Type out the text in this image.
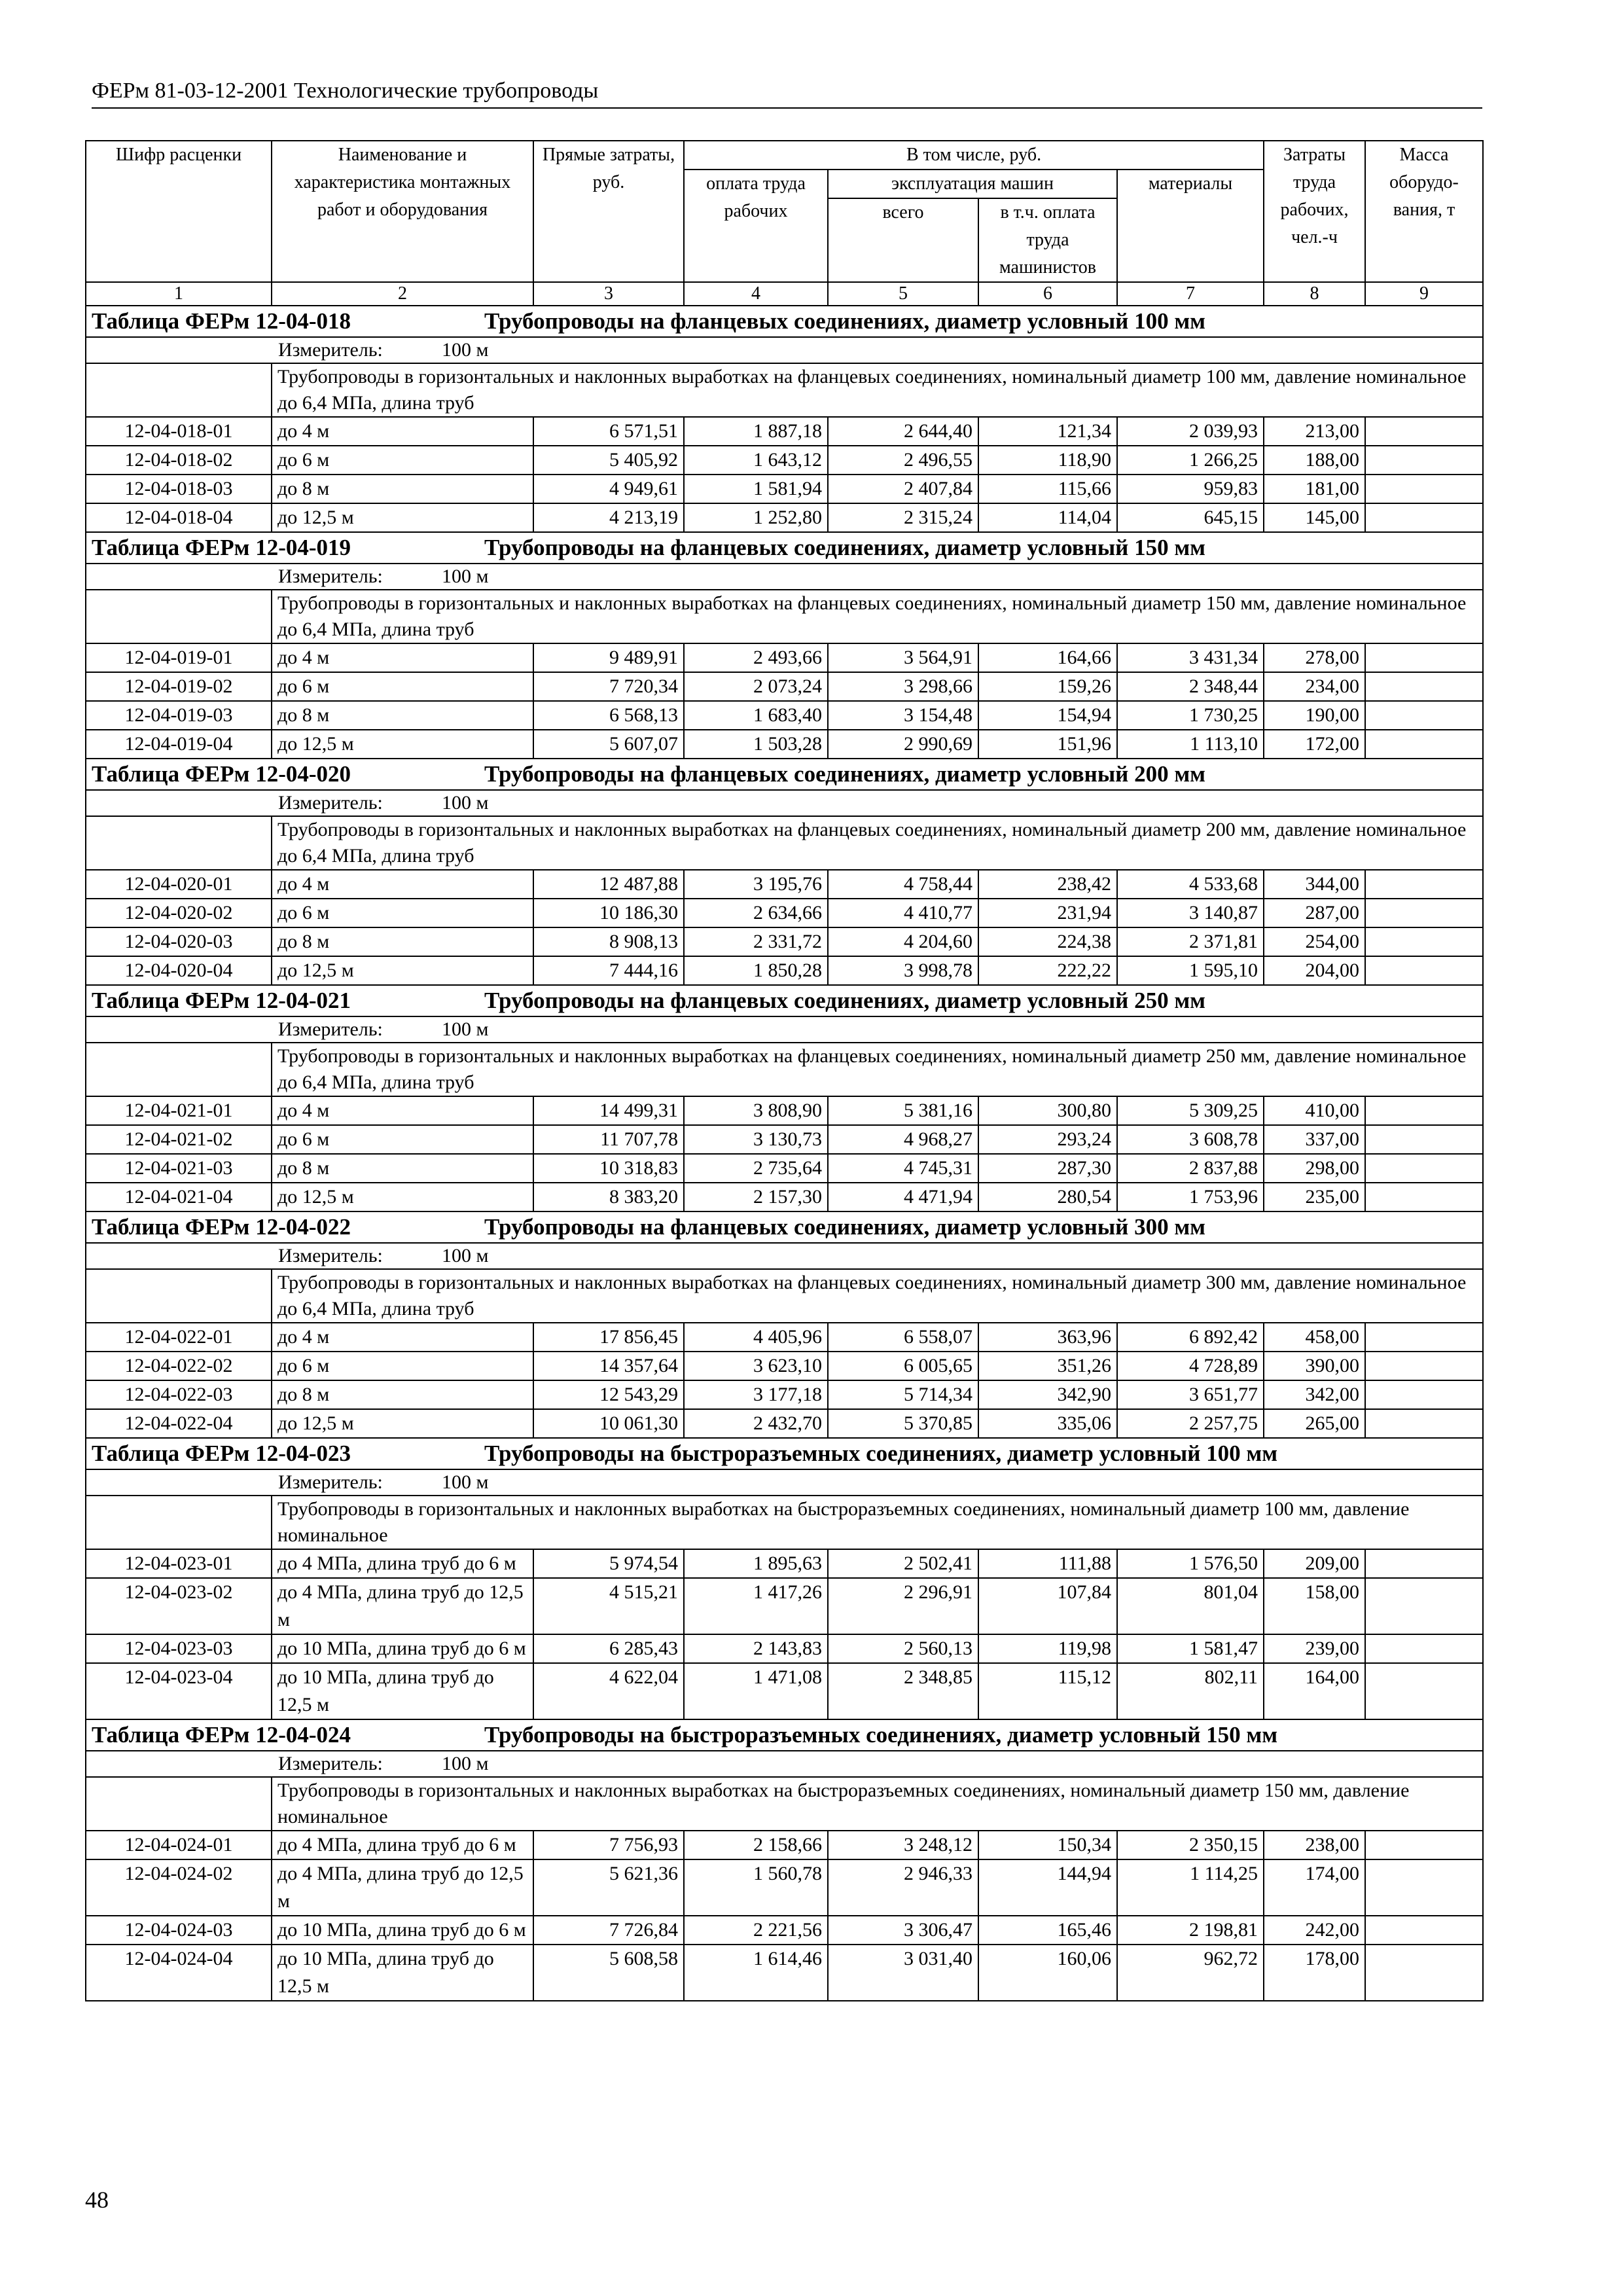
ФЕРм 81-03-12-2001 Технологические трубопроводы
Шифр расценки	Наименование и характеристика монтажных работ и оборудования	Прямые затраты, руб.	В том числе, руб.				Затраты труда рабочих, чел.-ч	Масса оборудо-вания, т
			оплата труда рабочих	эксплуатация машин		материалы		
				всего	в т.ч. оплата труда машинистов			
1	2	3	4	5	6	7	8	9
Таблица ФЕРм 12-04-018 Трубопроводы на фланцевых соединениях, диаметр условный 100 мм								
Измеритель: 100 м								
	Трубопроводы в горизонтальных и наклонных выработках на фланцевых соединениях, номинальный диаметр 100 мм, давление номинальное до 6,4 МПа, длина труб							
12-04-018-01	до 4 м	6 571,51	1 887,18	2 644,40	121,34	2 039,93	213,00	
12-04-018-02	до 6 м	5 405,92	1 643,12	2 496,55	118,90	1 266,25	188,00	
12-04-018-03	до 8 м	4 949,61	1 581,94	2 407,84	115,66	959,83	181,00	
12-04-018-04	до 12,5 м	4 213,19	1 252,80	2 315,24	114,04	645,15	145,00	
Таблица ФЕРм 12-04-019 Трубопроводы на фланцевых соединениях, диаметр условный 150 мм								
Измеритель: 100 м								
	Трубопроводы в горизонтальных и наклонных выработках на фланцевых соединениях, номинальный диаметр 150 мм, давление номинальное до 6,4 МПа, длина труб							
12-04-019-01	до 4 м	9 489,91	2 493,66	3 564,91	164,66	3 431,34	278,00	
12-04-019-02	до 6 м	7 720,34	2 073,24	3 298,66	159,26	2 348,44	234,00	
12-04-019-03	до 8 м	6 568,13	1 683,40	3 154,48	154,94	1 730,25	190,00	
12-04-019-04	до 12,5 м	5 607,07	1 503,28	2 990,69	151,96	1 113,10	172,00	
Таблица ФЕРм 12-04-020 Трубопроводы на фланцевых соединениях, диаметр условный 200 мм								
Измеритель: 100 м								
	Трубопроводы в горизонтальных и наклонных выработках на фланцевых соединениях, номинальный диаметр 200 мм, давление номинальное до 6,4 МПа, длина труб							
12-04-020-01	до 4 м	12 487,88	3 195,76	4 758,44	238,42	4 533,68	344,00	
12-04-020-02	до 6 м	10 186,30	2 634,66	4 410,77	231,94	3 140,87	287,00	
12-04-020-03	до 8 м	8 908,13	2 331,72	4 204,60	224,38	2 371,81	254,00	
12-04-020-04	до 12,5 м	7 444,16	1 850,28	3 998,78	222,22	1 595,10	204,00	
Таблица ФЕРм 12-04-021 Трубопроводы на фланцевых соединениях, диаметр условный 250 мм								
Измеритель: 100 м								
	Трубопроводы в горизонтальных и наклонных выработках на фланцевых соединениях, номинальный диаметр 250 мм, давление номинальное до 6,4 МПа, длина труб							
12-04-021-01	до 4 м	14 499,31	3 808,90	5 381,16	300,80	5 309,25	410,00	
12-04-021-02	до 6 м	11 707,78	3 130,73	4 968,27	293,24	3 608,78	337,00	
12-04-021-03	до 8 м	10 318,83	2 735,64	4 745,31	287,30	2 837,88	298,00	
12-04-021-04	до 12,5 м	8 383,20	2 157,30	4 471,94	280,54	1 753,96	235,00	
Таблица ФЕРм 12-04-022 Трубопроводы на фланцевых соединениях, диаметр условный 300 мм								
Измеритель: 100 м								
	Трубопроводы в горизонтальных и наклонных выработках на фланцевых соединениях, номинальный диаметр 300 мм, давление номинальное до 6,4 МПа, длина труб							
12-04-022-01	до 4 м	17 856,45	4 405,96	6 558,07	363,96	6 892,42	458,00	
12-04-022-02	до 6 м	14 357,64	3 623,10	6 005,65	351,26	4 728,89	390,00	
12-04-022-03	до 8 м	12 543,29	3 177,18	5 714,34	342,90	3 651,77	342,00	
12-04-022-04	до 12,5 м	10 061,30	2 432,70	5 370,85	335,06	2 257,75	265,00	
Таблица ФЕРм 12-04-023 Трубопроводы на быстроразъемных соединениях, диаметр условный 100 мм								
Измеритель: 100 м								
	Трубопроводы в горизонтальных и наклонных выработках на быстроразъемных соединениях, номинальный диаметр 100 мм, давление номинальное							
12-04-023-01	до 4 МПа, длина труб до 6 м	5 974,54	1 895,63	2 502,41	111,88	1 576,50	209,00	
12-04-023-02	до 4 МПа, длина труб до 12,5 м	4 515,21	1 417,26	2 296,91	107,84	801,04	158,00	
12-04-023-03	до 10 МПа, длина труб до 6 м	6 285,43	2 143,83	2 560,13	119,98	1 581,47	239,00	
12-04-023-04	до 10 МПа, длина труб до 12,5 м	4 622,04	1 471,08	2 348,85	115,12	802,11	164,00	
Таблица ФЕРм 12-04-024 Трубопроводы на быстроразъемных соединениях, диаметр условный 150 мм								
Измеритель: 100 м								
	Трубопроводы в горизонтальных и наклонных выработках на быстроразъемных соединениях, номинальный диаметр 150 мм, давление номинальное							
12-04-024-01	до 4 МПа, длина труб до 6 м	7 756,93	2 158,66	3 248,12	150,34	2 350,15	238,00	
12-04-024-02	до 4 МПа, длина труб до 12,5 м	5 621,36	1 560,78	2 946,33	144,94	1 114,25	174,00	
12-04-024-03	до 10 МПа, длина труб до 6 м	7 726,84	2 221,56	3 306,47	165,46	2 198,81	242,00	
12-04-024-04	до 10 МПа, длина труб до 12,5 м	5 608,58	1 614,46	3 031,40	160,06	962,72	178,00	
48
